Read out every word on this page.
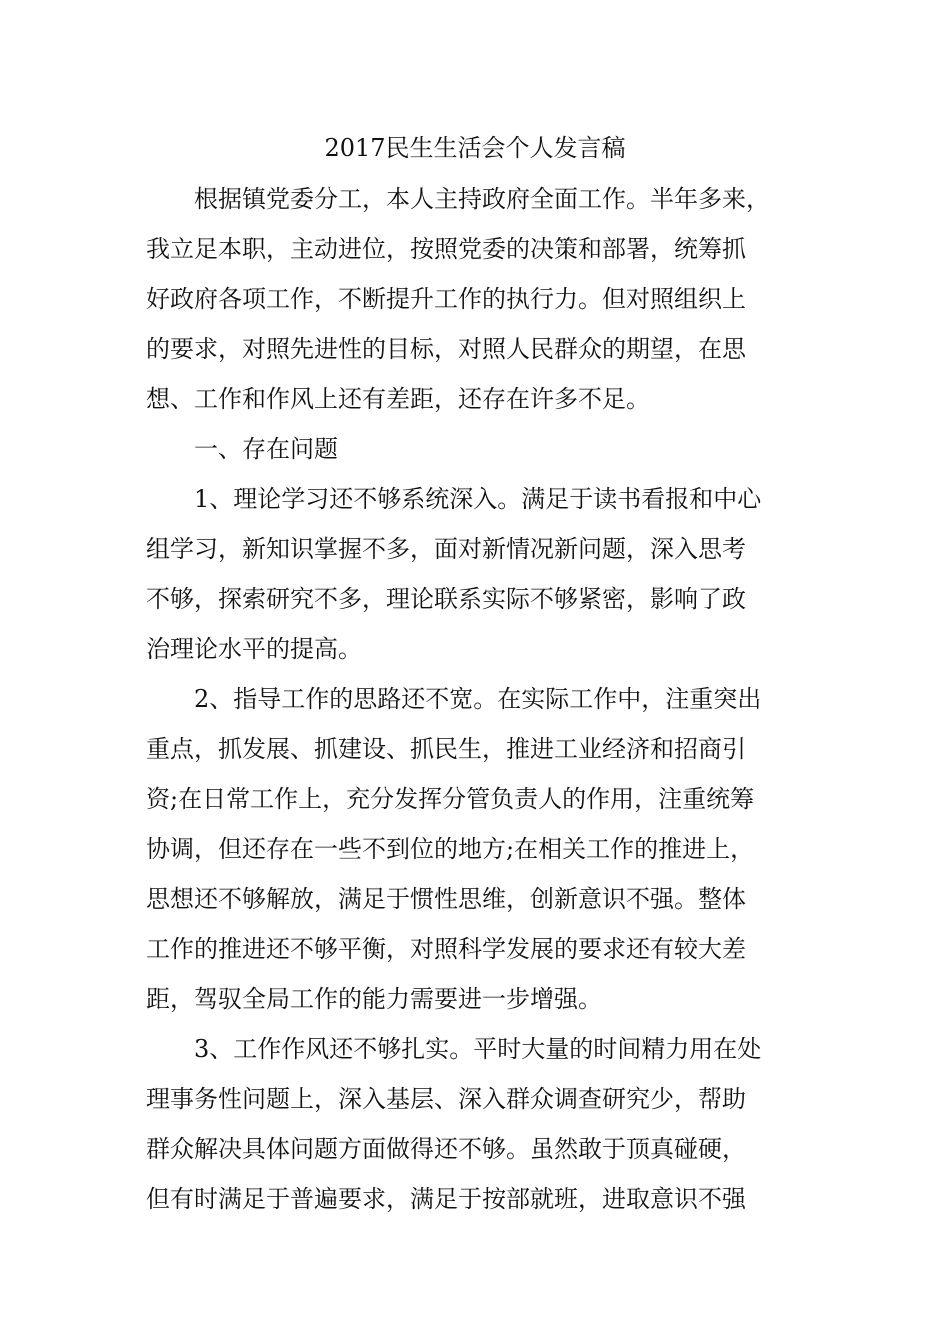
2017民生生活会个人发言稿
根据镇党委分工，本人主持政府全面工作。半年多来，
我立足本职，主动进位，按照党委的决策和部署，统筹抓
好政府各项工作，不断提升工作的执行力。但对照组织上
的要求，对照先进性的目标，对照人民群众的期望，在思
想、工作和作风上还有差距，还存在许多不足。
一、存在问题
1、理论学习还不够系统深入。满足于读书看报和中心
组学习，新知识掌握不多，面对新情况新问题，深入思考
不够，探索研究不多，理论联系实际不够紧密，影响了政
治理论水平的提高。
2、指导工作的思路还不宽。在实际工作中，注重突出
重点，抓发展、抓建设、抓民生，推进工业经济和招商引
资;在日常工作上，充分发挥分管负责人的作用，注重统筹
协调，但还存在一些不到位的地方;在相关工作的推进上，
思想还不够解放，满足于惯性思维，创新意识不强。整体
工作的推进还不够平衡，对照科学发展的要求还有较大差
距，驾驭全局工作的能力需要进一步增强。
3、工作作风还不够扎实。平时大量的时间精力用在处
理事务性问题上，深入基层、深入群众调查研究少，帮助
群众解决具体问题方面做得还不够。虽然敢于顶真碰硬，
但有时满足于普遍要求，满足于按部就班，进取意识不强
